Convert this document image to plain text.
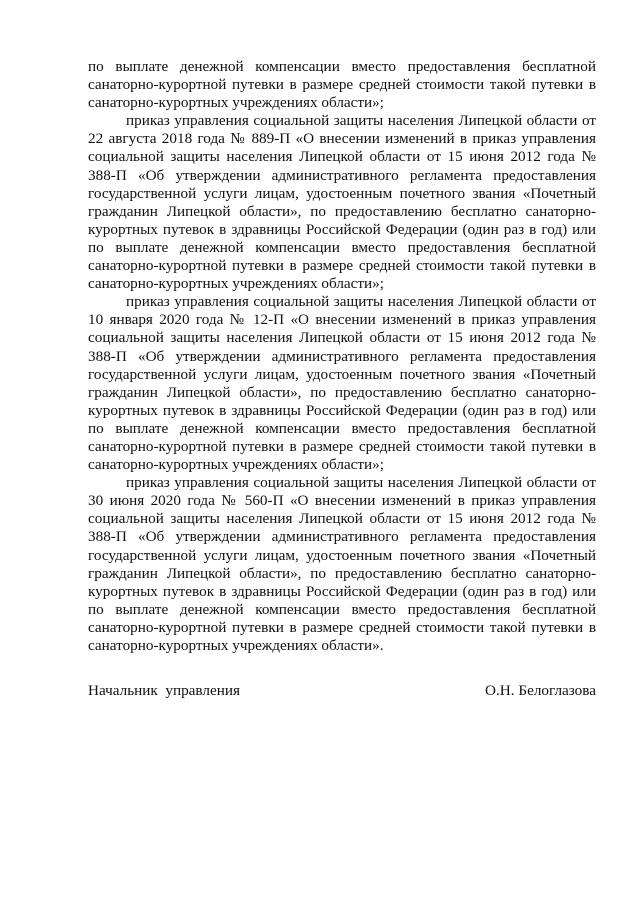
по выплате денежной компенсации вместо предоставления бесплатной санаторно-курортной путевки в размере средней стоимости такой путевки в санаторно-курортных учреждениях области»;

приказ управления социальной защиты населения Липецкой области от 22 августа 2018 года № 889-П «О внесении изменений в приказ управления социальной защиты населения Липецкой области от 15 июня 2012 года № 388-П «Об утверждении административного регламента предоставления государственной услуги лицам, удостоенным почетного звания «Почетный гражданин Липецкой области», по предоставлению бесплатно санаторно-курортных путевок в здравницы Российской Федерации (один раз в год) или по выплате денежной компенсации вместо предоставления бесплатной санаторно-курортной путевки в размере средней стоимости такой путевки в санаторно-курортных учреждениях области»;

приказ управления социальной защиты населения Липецкой области от 10 января 2020 года № 12-П «О внесении изменений в приказ управления социальной защиты населения Липецкой области от 15 июня 2012 года № 388-П «Об утверждении административного регламента предоставления государственной услуги лицам, удостоенным почетного звания «Почетный гражданин Липецкой области», по предоставлению бесплатно санаторно-курортных путевок в здравницы Российской Федерации (один раз в год) или по выплате денежной компенсации вместо предоставления бесплатной санаторно-курортной путевки в размере средней стоимости такой путевки в санаторно-курортных учреждениях области»;

приказ управления социальной защиты населения Липецкой области от 30 июня 2020 года № 560-П «О внесении изменений в приказ управления социальной защиты населения Липецкой области от 15 июня 2012 года № 388-П «Об утверждении административного регламента предоставления государственной услуги лицам, удостоенным почетного звания «Почетный гражданин Липецкой области», по предоставлению бесплатно санаторно-курортных путевок в здравницы Российской Федерации (один раз в год) или по выплате денежной компенсации вместо предоставления бесплатной санаторно-курортной путевки в размере средней стоимости такой путевки в санаторно-курортных учреждениях области».

Начальник  управления	О.Н. Белоглазова
